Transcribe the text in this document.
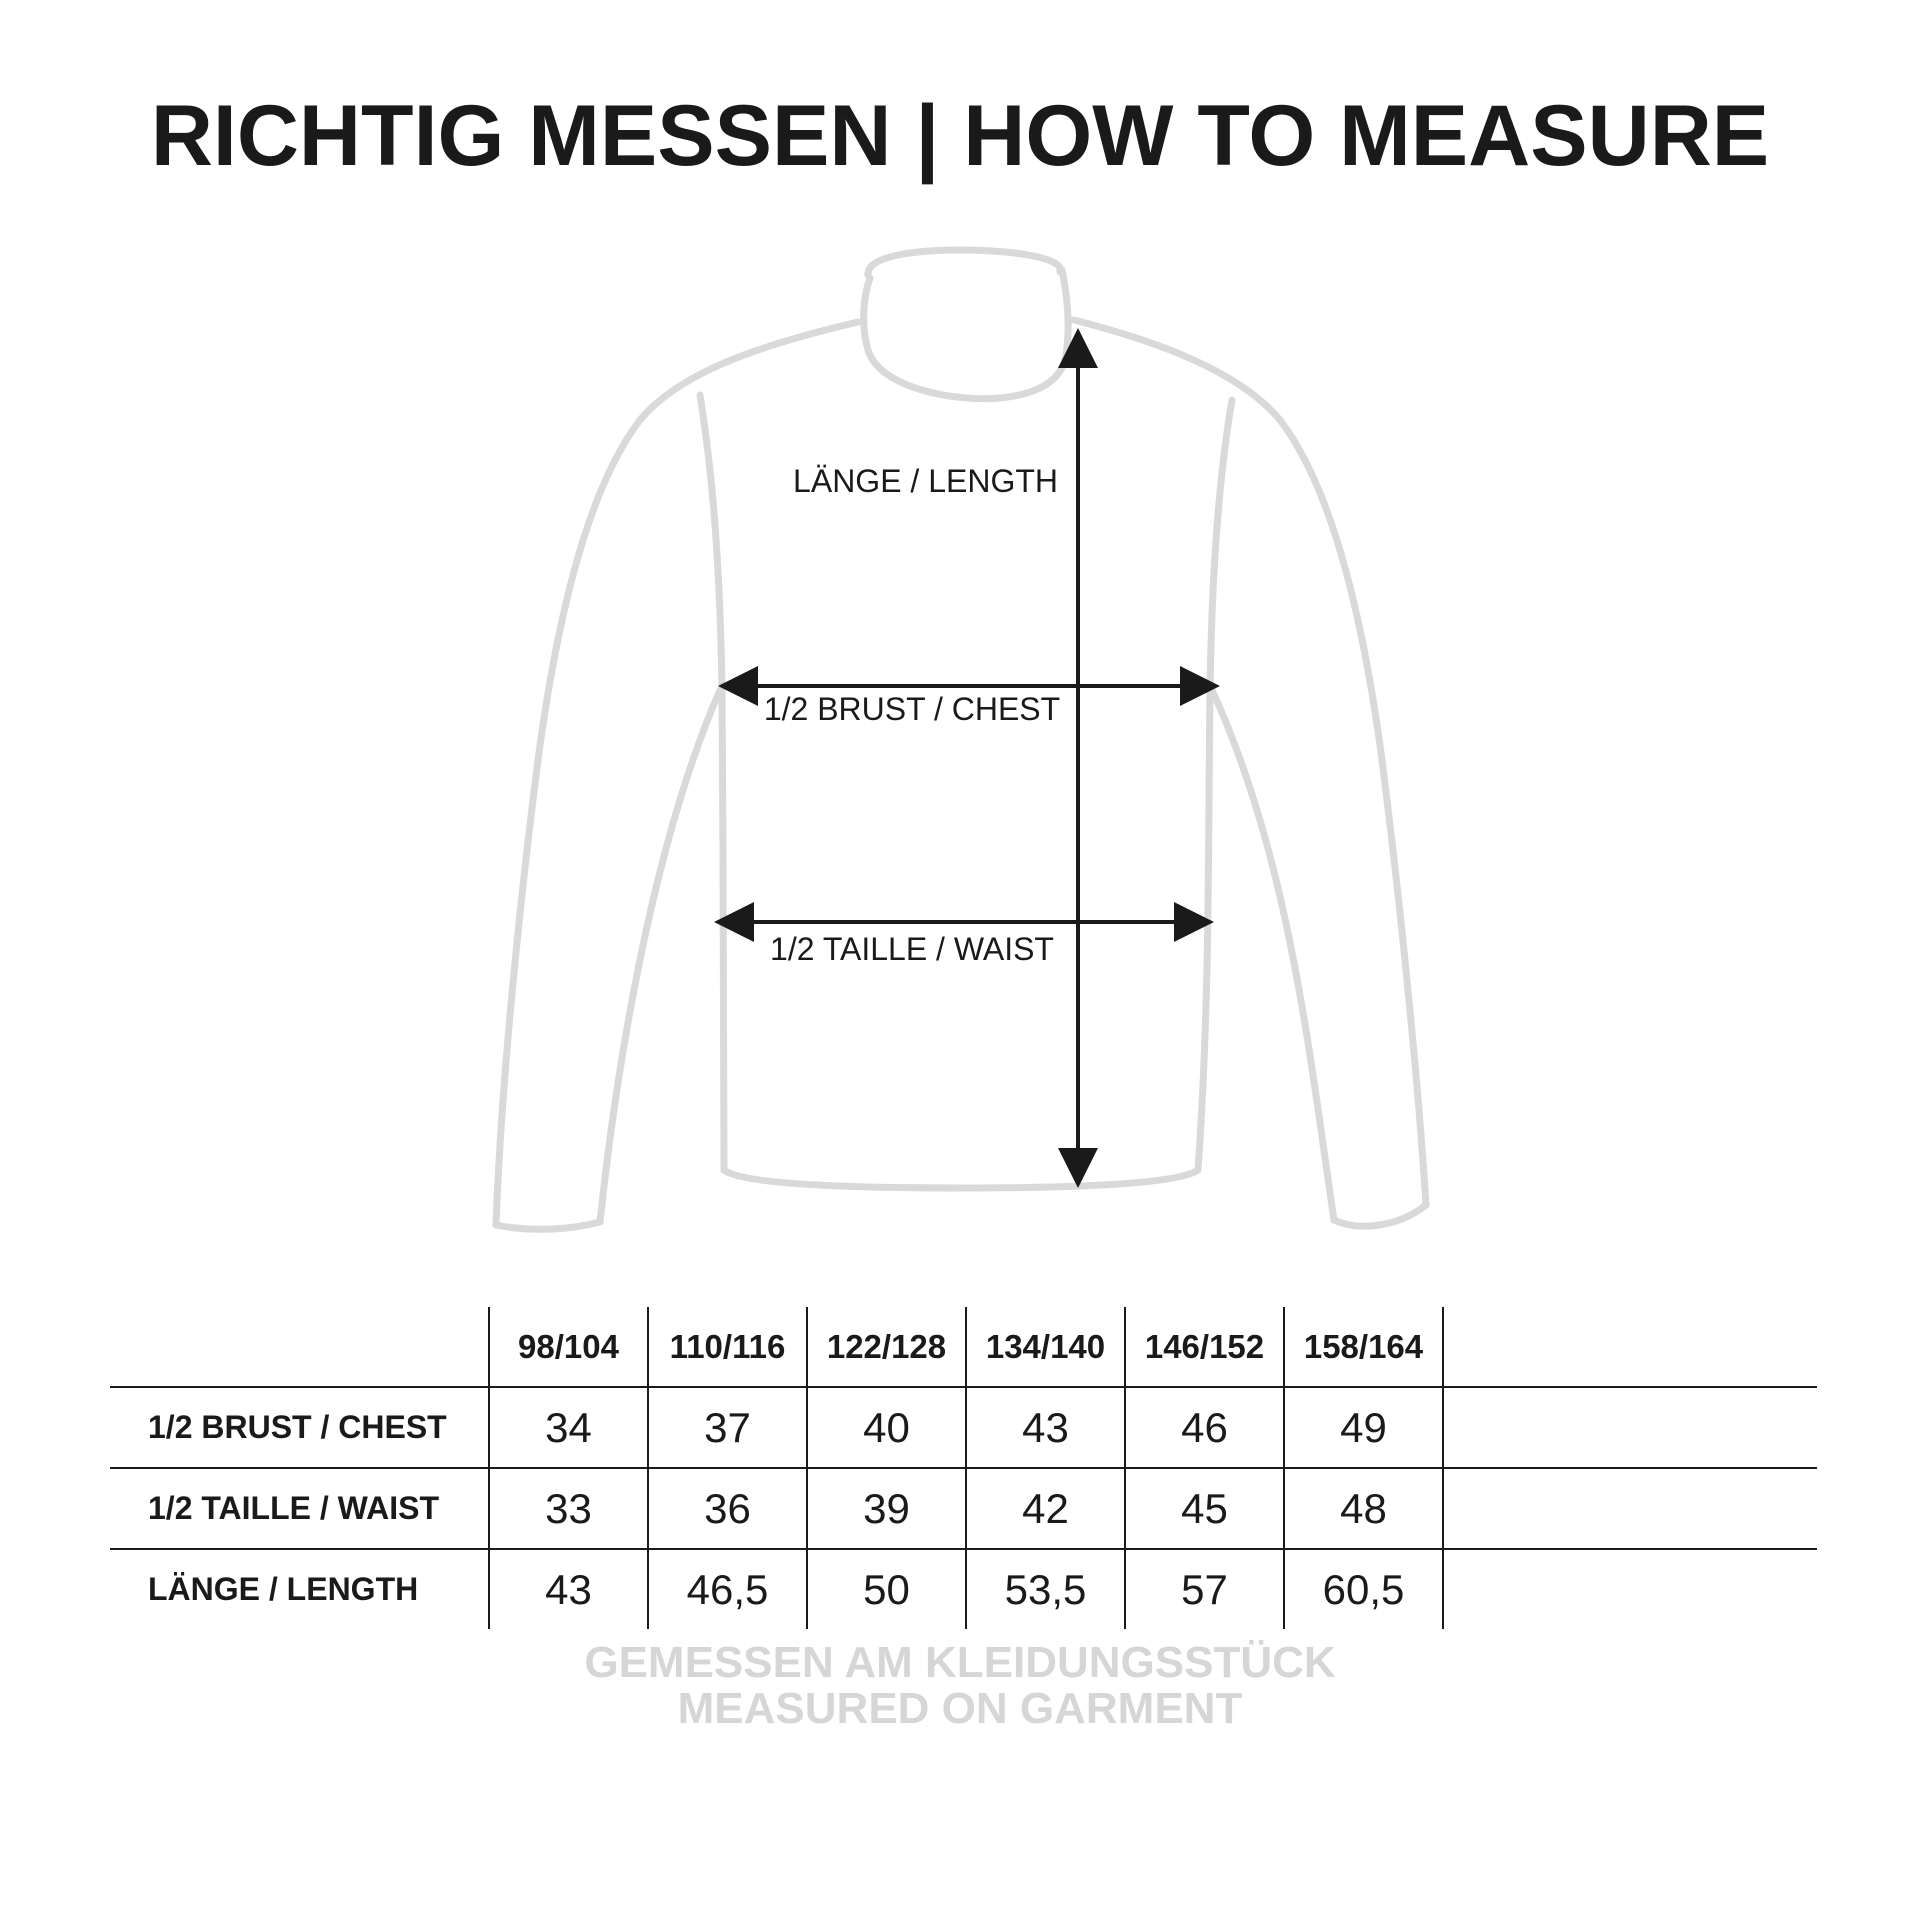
RICHTIG MESSEN | HOW TO MEASURE
LÄNGE / LENGTH
1/2 BRUST / CHEST
1/2 TAILLE / WAIST
	98/104	110/116	122/128	134/140	146/152	158/164	
1/2 BRUST / CHEST	34	37	40	43	46	49	
1/2 TAILLE / WAIST	33	36	39	42	45	48	
LÄNGE / LENGTH	43	46,5	50	53,5	57	60,5	
GEMESSEN AM KLEIDUNGSSTÜCK
MEASURED ON GARMENT
